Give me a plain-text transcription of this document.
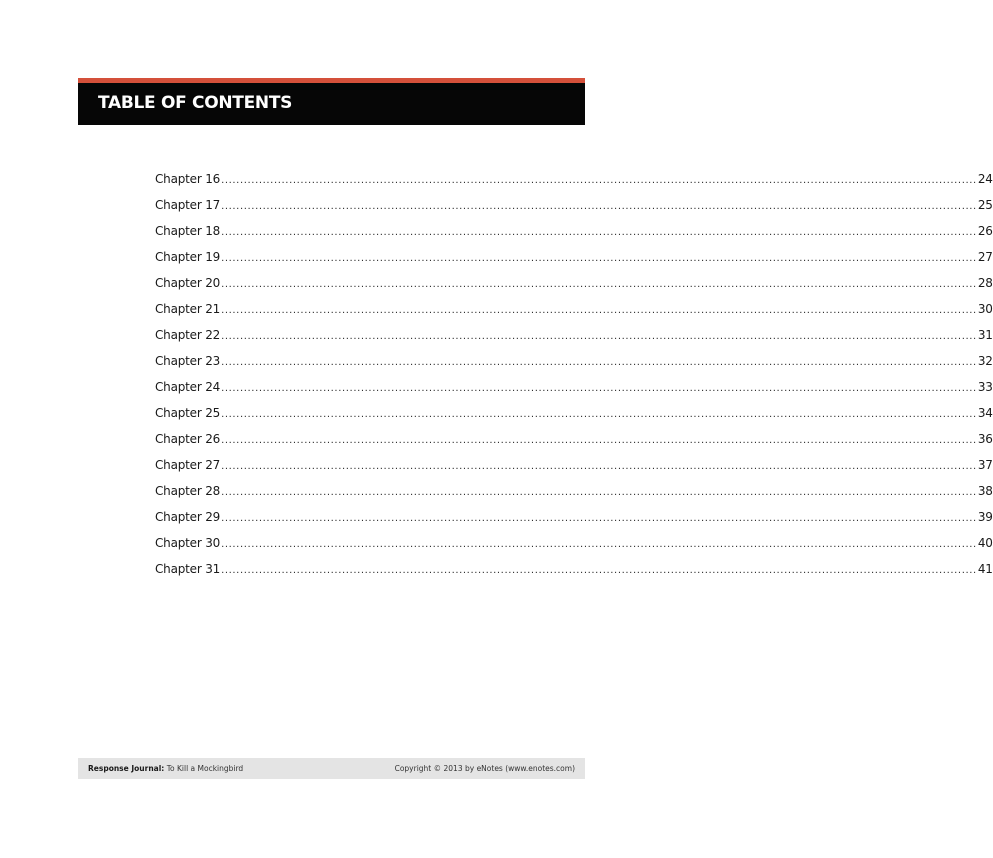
TABLE OF CONTENTS
Chapter 16 ........................................................................................................................................................................................................ 24
Chapter 17 ........................................................................................................................................................................................................ 25
Chapter 18 ........................................................................................................................................................................................................ 26
Chapter 19 ........................................................................................................................................................................................................ 27
Chapter 20 ........................................................................................................................................................................................................ 28
Chapter 21 ........................................................................................................................................................................................................ 30
Chapter 22 ........................................................................................................................................................................................................ 31
Chapter 23 ........................................................................................................................................................................................................ 32
Chapter 24 ........................................................................................................................................................................................................ 33
Chapter 25 ........................................................................................................................................................................................................ 34
Chapter 26 ........................................................................................................................................................................................................ 36
Chapter 27 ........................................................................................................................................................................................................ 37
Chapter 28 ........................................................................................................................................................................................................ 38
Chapter 29 ........................................................................................................................................................................................................ 39
Chapter 30 ........................................................................................................................................................................................................ 40
Chapter 31 ........................................................................................................................................................................................................ 41
Response Journal: To Kill a Mockingbird	Copyright © 2013 by eNotes (www.enotes.com)
